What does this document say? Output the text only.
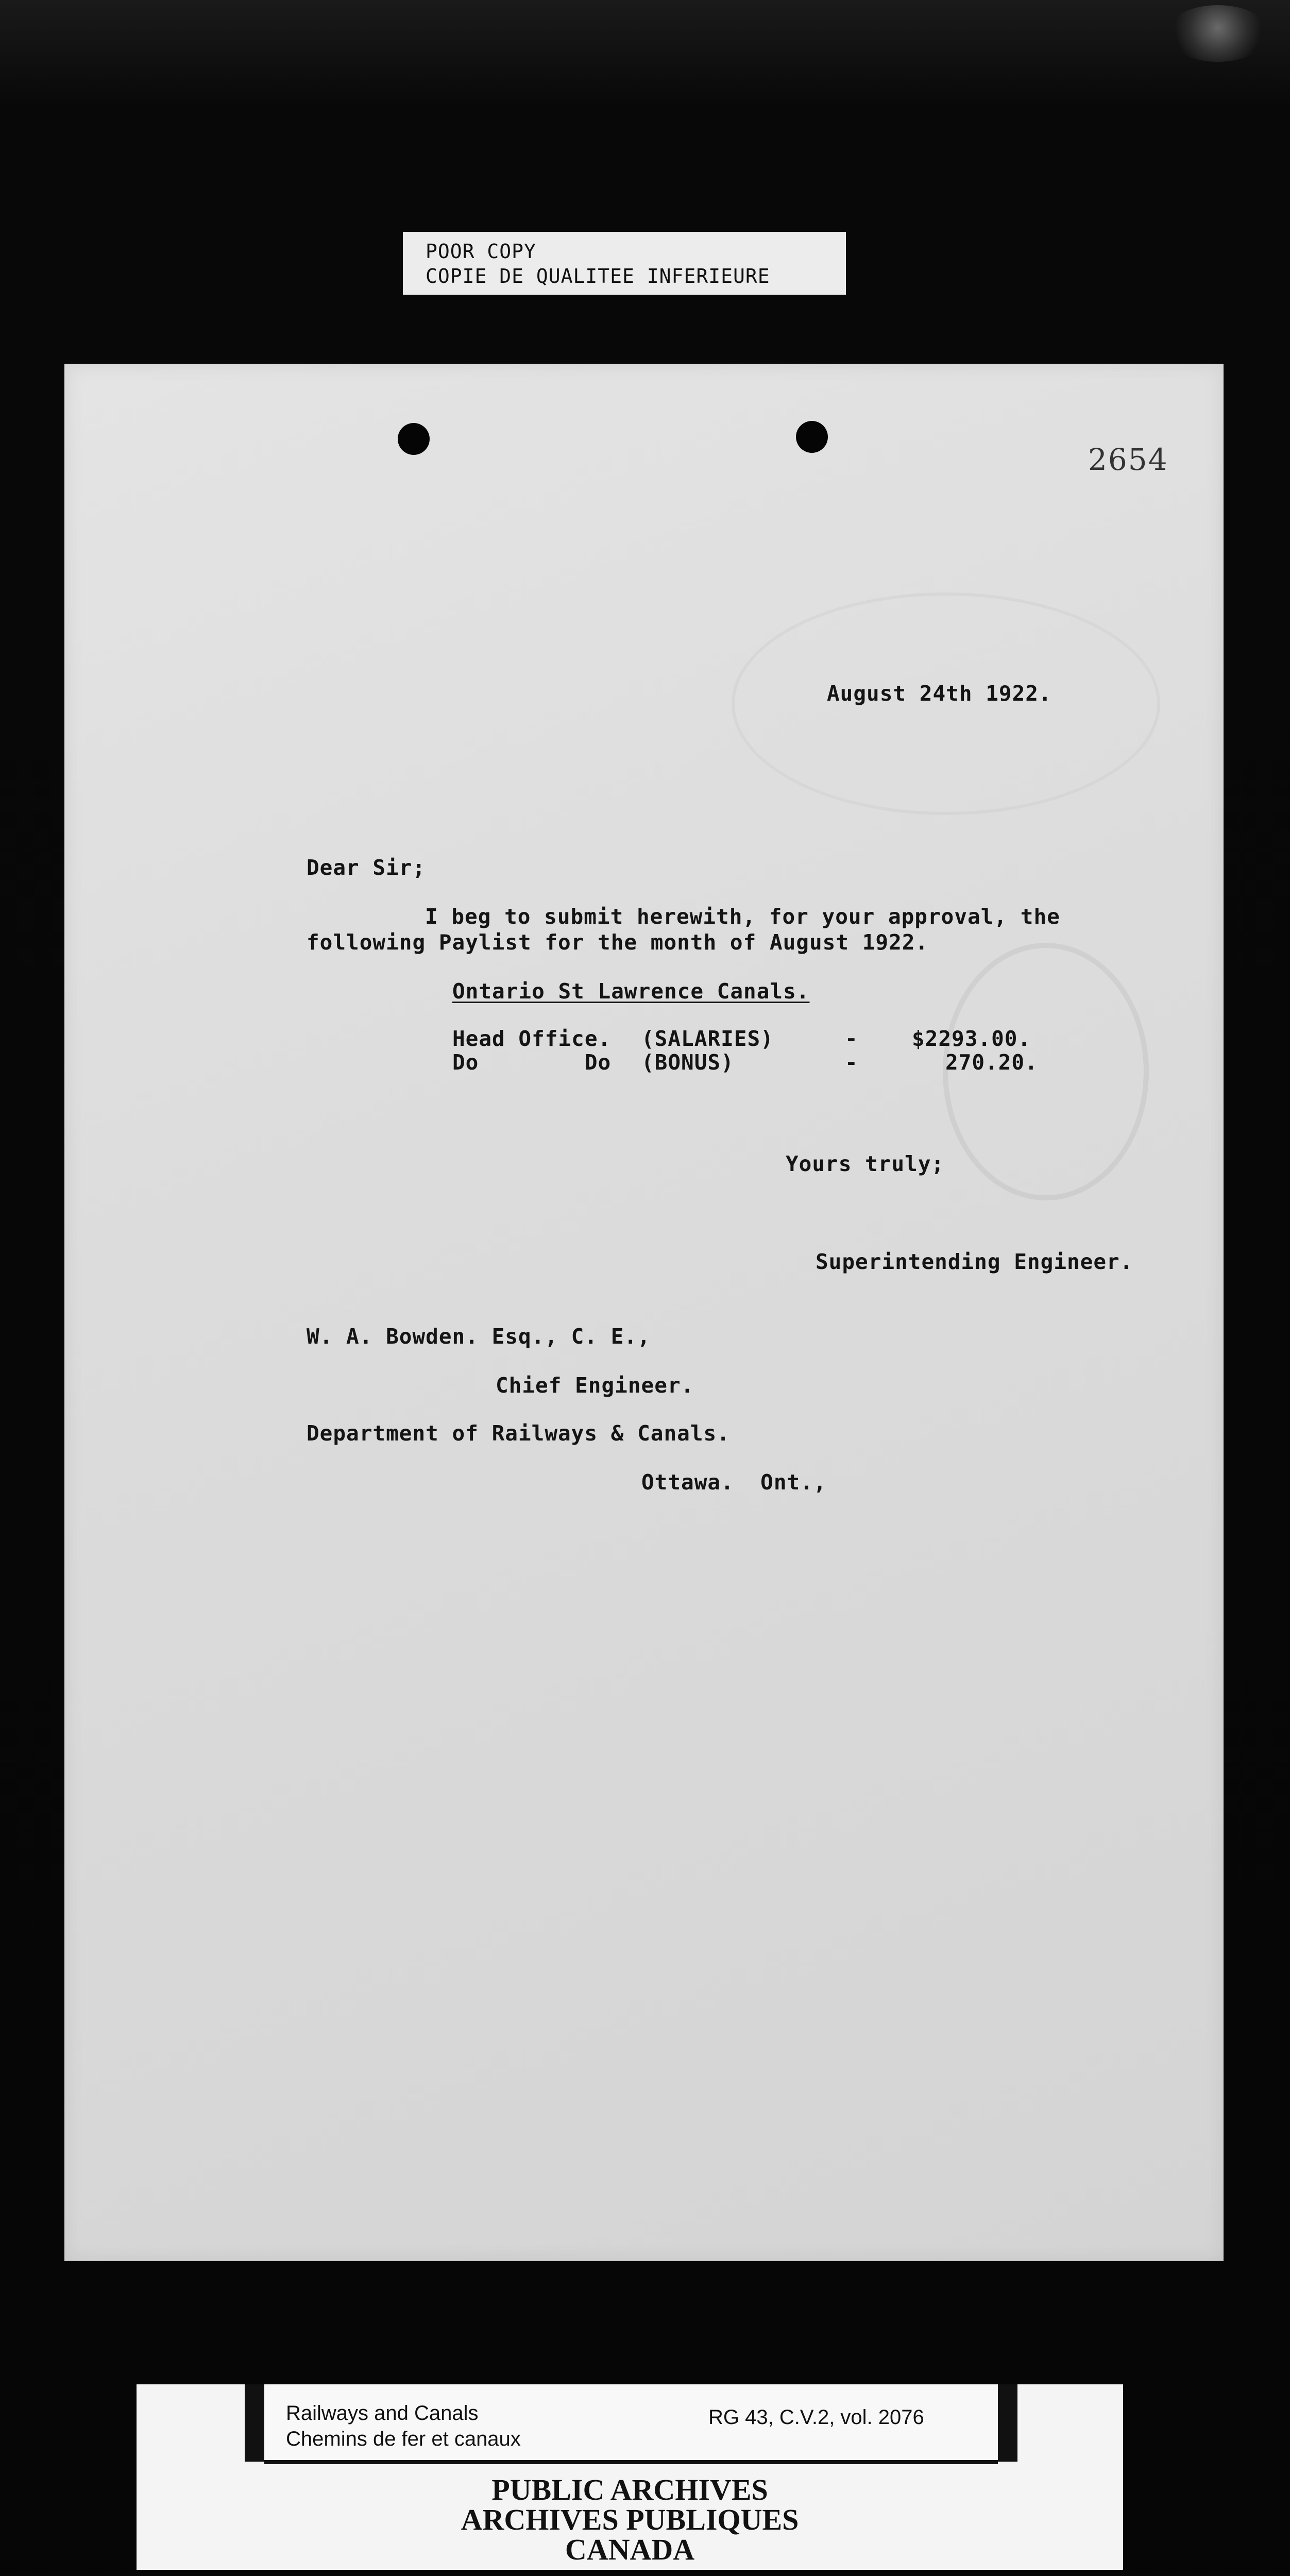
POOR COPY
COPIE DE QUALITEE INFERIEURE
2654
August 24th 1922.
Dear Sir;
I beg to submit herewith, for your approval, the
following Paylist for the month of August 1922.
Ontario St Lawrence Canals.
Head Office. (SALARIES)	-	$2293.00.
Do        Do (BONUS)	-	270.20.
Yours truly;
Superintending Engineer.
W. A. Bowden. Esq., C. E.,
Chief Engineer.
Department of Railways & Canals.
Ottawa.  Ont.,
Railways and Canals
Chemins de fer et canaux
RG 43, C.V.2, vol. 2076
PUBLIC ARCHIVES
ARCHIVES PUBLIQUES
CANADA
